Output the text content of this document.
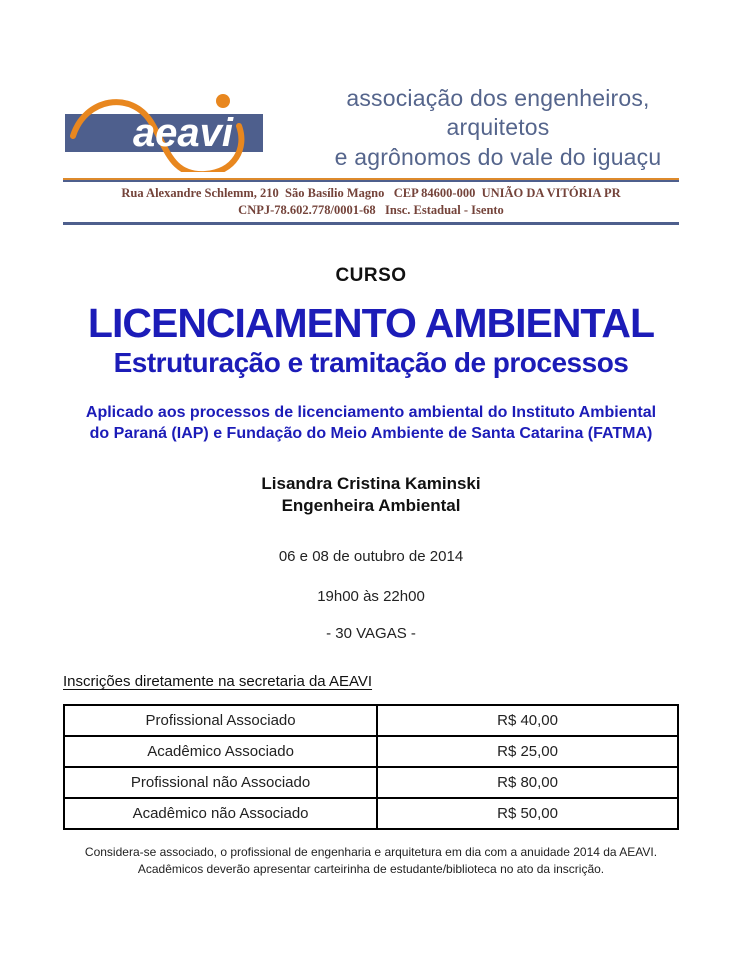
aeavi
associação dos engenheiros, arquitetos
e agrônomos do vale do iguaçu
Rua Alexandre Schlemm, 210  São Basílio Magno   CEP 84600-000  UNIÃO DA VITÓRIA PR
CNPJ-78.602.778/0001-68   Insc. Estadual - Isento
CURSO
LICENCIAMENTO AMBIENTAL
Estruturação e tramitação de processos
Aplicado aos processos de licenciamento ambiental do Instituto Ambiental
do Paraná (IAP) e Fundação do Meio Ambiente de Santa Catarina (FATMA)
Lisandra Cristina Kaminski
Engenheira Ambiental
06 e 08 de outubro de 2014
19h00 às 22h00
- 30 VAGAS -
Inscrições diretamente na secretaria da AEAVI
Profissional Associado	R$ 40,00
Acadêmico Associado	R$ 25,00
Profissional não Associado	R$ 80,00
Acadêmico não Associado	R$ 50,00
Considera-se associado, o profissional de engenharia e arquitetura em dia com a anuidade 2014 da AEAVI.
Acadêmicos deverão apresentar carteirinha de estudante/biblioteca no ato da inscrição.
